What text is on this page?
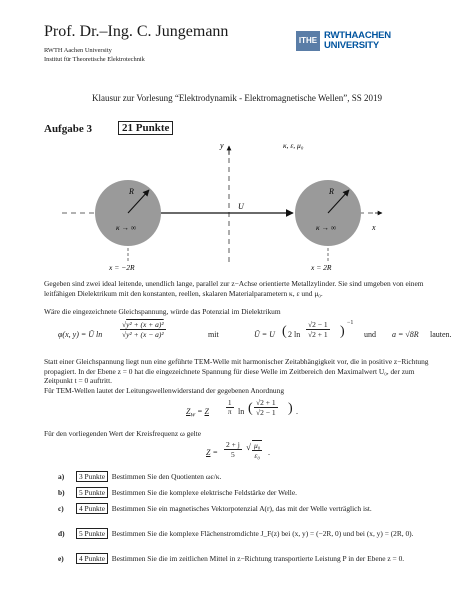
Prof. Dr.–Ing. C. Jungemann
RWTH Aachen University
Institut für Theoretische Elektrotechnik
ITHE RWTHAACHEN
UNIVERSITY
Klausur zur Vorlesung “Elektrodynamik - Elektromagnetische Wellen”, SS 2019
Aufgabe 3	21 Punkte
κ, ε, μ₀
y
x
R	R
κ → ∞	κ → ∞
U
x = −2R	x = 2R
Gegeben sind zwei ideal leitende, unendlich lange, parallel zur z−Achse orientierte Metallzylinder. Sie sind umgeben von einem leitfähigen Dielektrikum mit den konstanten, reellen, skalaren Materialparametern κ, ε und μ₀.
Wäre die eingezeichnete Gleichspannung, würde das Potenzial im Dielektrikum
φ(x, y) = Ū $\ln \frac{\text{√y² + (x + a)²}}{\text{√y² + (x − a)²}}$	mit	Ū = U ( 2 $\ln \frac{√2 - 1}{√2 + 1}$ )
−1
und a = √8R lauten.
Statt einer Gleichspannung liegt nun eine geführte TEM-Welle mit harmonischer Zeitabhängigkeit vor, die in positive z−Richtung propagiert. In der Ebene z = 0 hat die eingezeichnete Spannung für diese Welle im Zeitbereich den Maximalwert U₀, der zum Zeitpunkt t = 0 auftritt.
Für TEM-Wellen lautet der Leitungswellenwiderstand der gegebenen Anordnung
$Z_W = Z \frac{1}{\pi}$ ln ( $\frac{√2 + 1}{√2 - 1}$ ) .
Für den vorliegenden Wert der Kreisfrequenz ω gelte
$Z = \frac{2 + j}{5}$ √ $\frac{\text{μ₀}}{\text{ε₀}}$ .
a)	3 Punkte Bestimmen Sie den Quotienten ωε/κ.
b)	5 Punkte Bestimmen Sie die komplexe elektrische Feldstärke der Welle.
c)	4 Punkte Bestimmen Sie ein magnetisches Vektorpotenzial A(r), das mit der Welle verträglich ist.
d)	5 Punkte Bestimmen Sie die komplexe Flächenstromdichte J_F(z) bei (x, y) = (−2R, 0) und bei (x, y) = (2R, 0).
e)	4 Punkte Bestimmen Sie die im zeitlichen Mittel in z−Richtung transportierte Leistung P in der Ebene z = 0.
